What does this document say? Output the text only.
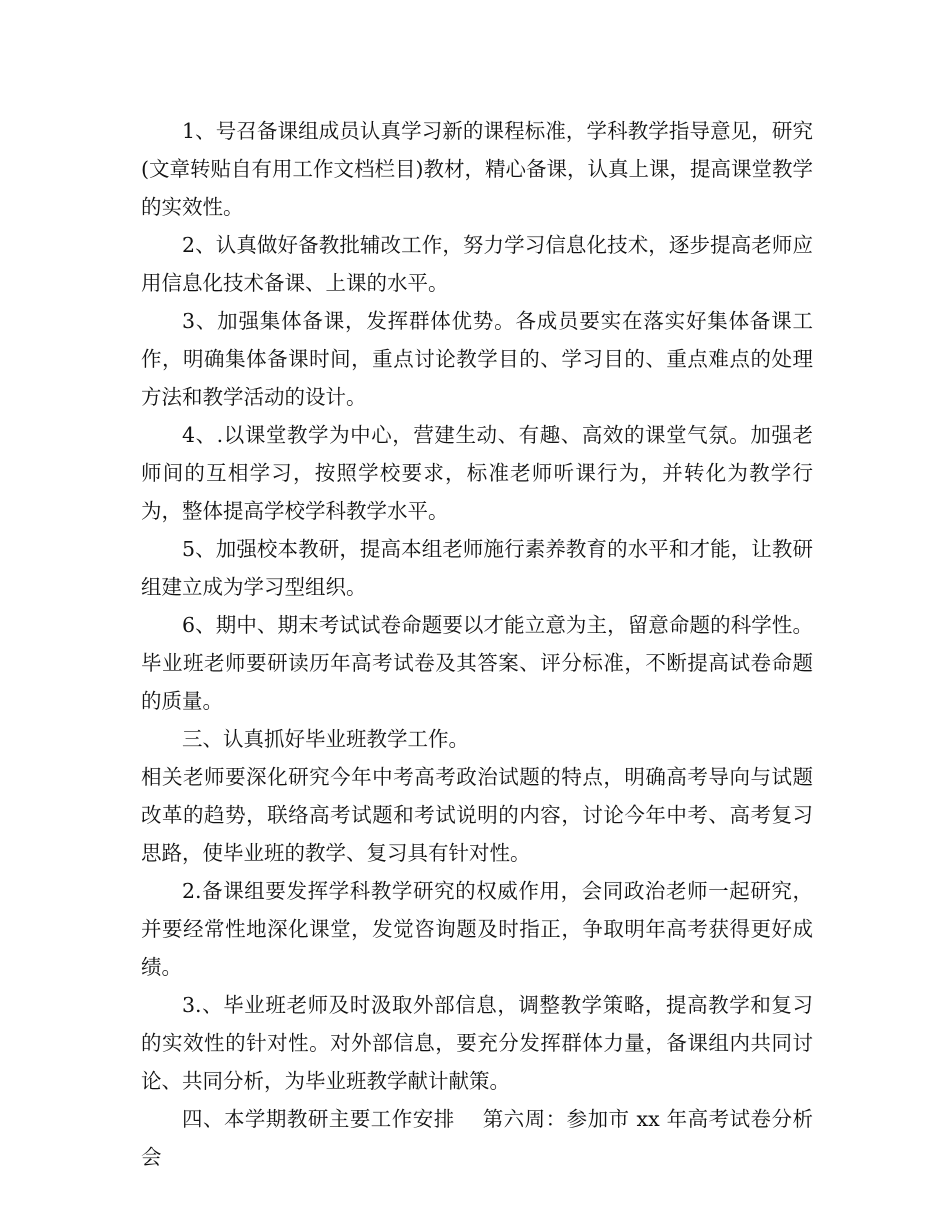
1、号召备课组成员认真学习新的课程标准，学科教学指导意见，研究(文章转贴自有用工作文档栏目)教材，精心备课，认真上课，提高课堂教学的实效性。

2、认真做好备教批辅改工作，努力学习信息化技术，逐步提高老师应用信息化技术备课、上课的水平。

3、加强集体备课，发挥群体优势。各成员要实在落实好集体备课工作，明确集体备课时间，重点讨论教学目的、学习目的、重点难点的处理方法和教学活动的设计。

4、.以课堂教学为中心，营建生动、有趣、高效的课堂气氛。加强老师间的互相学习，按照学校要求，标准老师听课行为，并转化为教学行为，整体提高学校学科教学水平。

5、加强校本教研，提高本组老师施行素养教育的水平和才能，让教研组建立成为学习型组织。

6、期中、期末考试试卷命题要以才能立意为主，留意命题的科学性。毕业班老师要研读历年高考试卷及其答案、评分标准，不断提高试卷命题的质量。

三、认真抓好毕业班教学工作。

相关老师要深化研究今年中考高考政治试题的特点，明确高考导向与试题改革的趋势，联络高考试题和考试说明的内容，讨论今年中考、高考复习思路，使毕业班的教学、复习具有针对性。

2.备课组要发挥学科教学研究的权威作用，会同政治老师一起研究，并要经常性地深化课堂，发觉咨询题及时指正，争取明年高考获得更好成绩。

3.、毕业班老师及时汲取外部信息，调整教学策略，提高教学和复习的实效性的针对性。对外部信息，要充分发挥群体力量，备课组内共同讨论、共同分析，为毕业班教学献计献策。

四、本学期教研主要工作安排 第六周：参加市 xx 年高考试卷分析会
